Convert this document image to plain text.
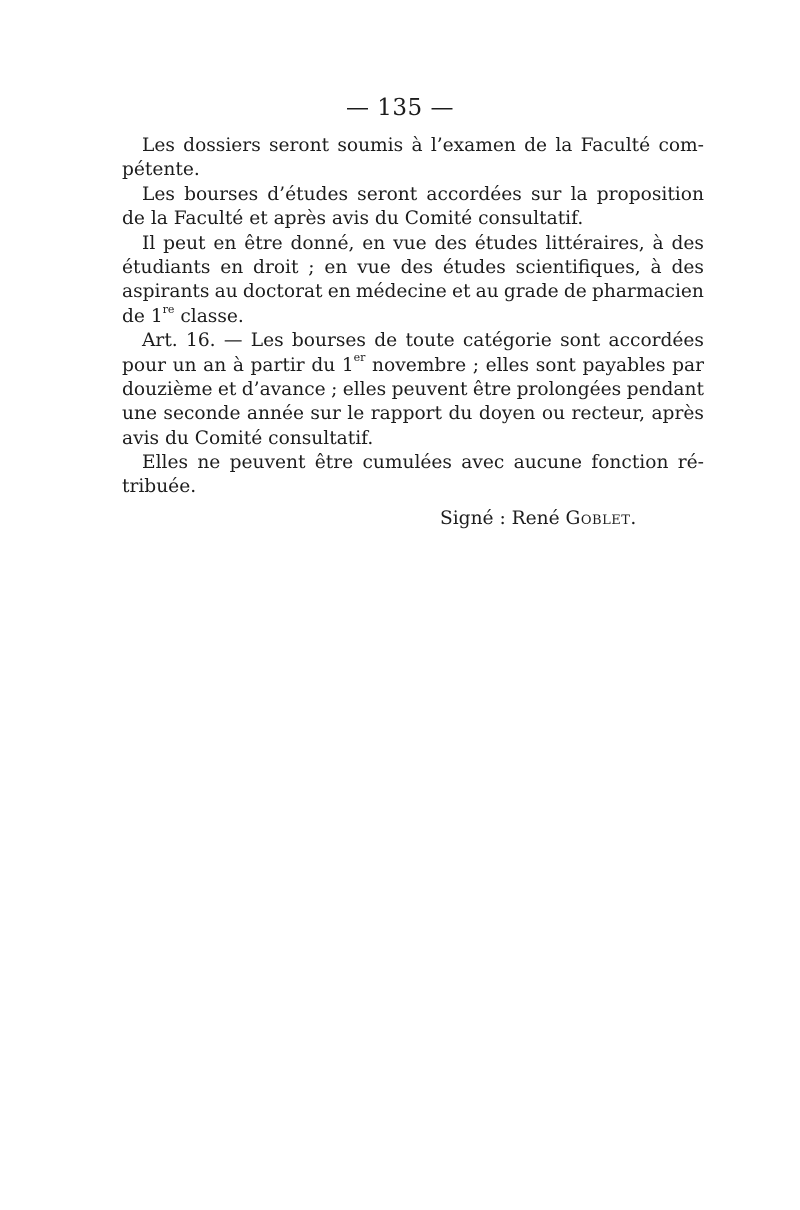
— 135 —
Les dossiers seront soumis à l’examen de la Faculté com-
pétente.
Les bourses d’études seront accordées sur la proposition
de la Faculté et après avis du Comité consultatif.
Il peut en être donné, en vue des études littéraires, à des
étudiants en droit ; en vue des études scientifiques, à des
aspirants au doctorat en médecine et au grade de pharmacien
de 1re classe.
Art. 16. — Les bourses de toute catégorie sont accordées
pour un an à partir du 1er novembre ; elles sont payables par
douzième et d’avance ; elles peuvent être prolongées pendant
une seconde année sur le rapport du doyen ou recteur, après
avis du Comité consultatif.
Elles ne peuvent être cumulées avec aucune fonction ré-
tribuée.
Signé : René Goblet.
